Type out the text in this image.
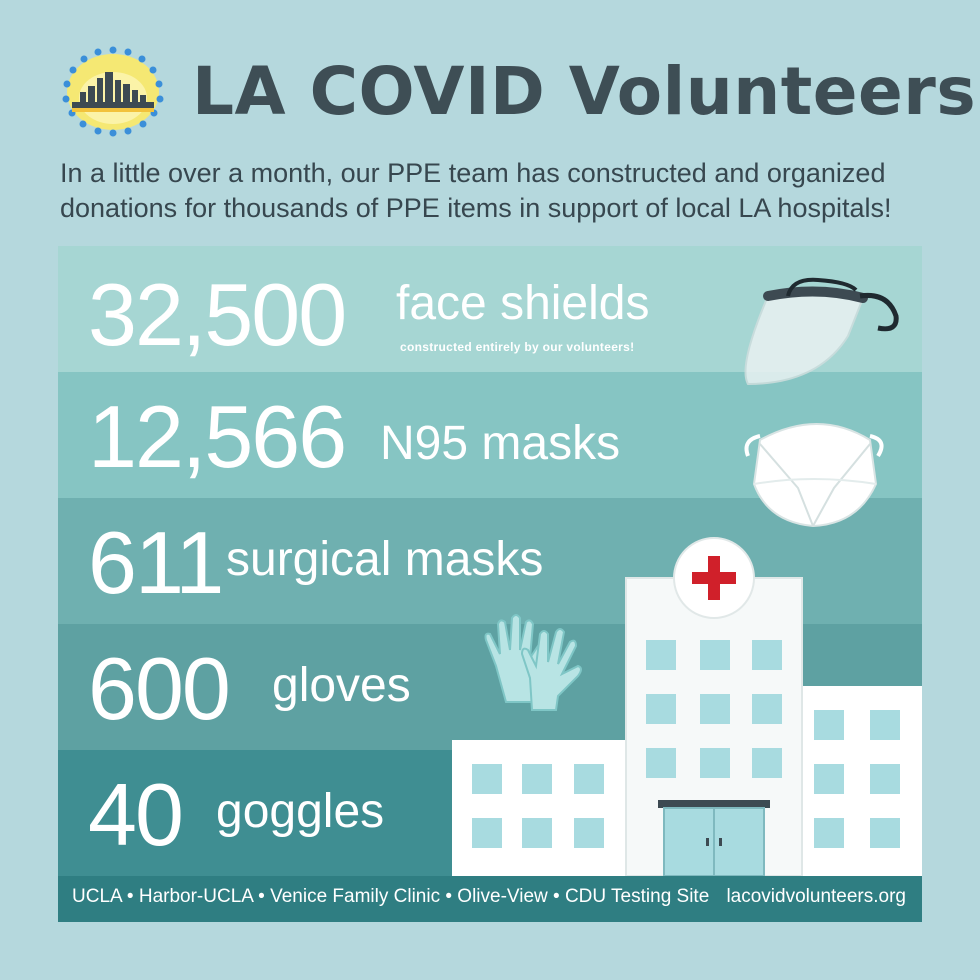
LA COVID Volunteers
In a little over a month, our PPE team has constructed and organized
donations for thousands of PPE items in support of local LA hospitals!
32,500 face shields
constructed entirely by our volunteers!
12,566 N95 masks
611 surgical masks
600 gloves
40 goggles
UCLA • Harbor-UCLA • Venice Family Clinic • Olive-View • CDU Testing Site lacovidvolunteers.org
